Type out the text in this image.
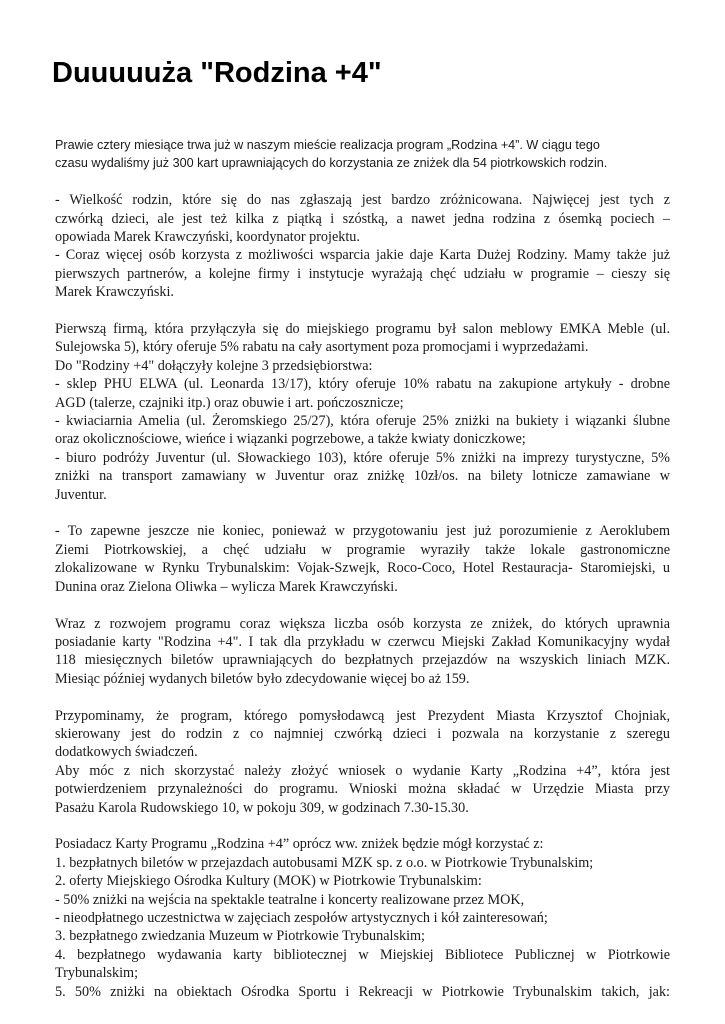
Duuuuuża "Rodzina +4"

Prawie cztery miesiące trwa już w naszym mieście realizacja program „Rodzina +4”. W ciągu tego
czasu wydaliśmy już 300 kart uprawniających do korzystania ze zniżek dla 54 piotrkowskich rodzin.

- Wielkość rodzin, które się do nas zgłaszają jest bardzo zróżnicowana. Najwięcej jest tych z
czwórką dzieci, ale jest też kilka z piątką i szóstką, a nawet jedna rodzina z ósemką pociech –
opowiada Marek Krawczyński, koordynator projektu.
- Coraz więcej osób korzysta z możliwości wsparcia jakie daje Karta Dużej Rodziny. Mamy także już
pierwszych partnerów, a kolejne firmy i instytucje wyrażają chęć udziału w programie – cieszy się
Marek Krawczyński.

Pierwszą firmą, która przyłączyła się do miejskiego programu był salon meblowy EMKA Meble (ul.
Sulejowska 5), który oferuje 5% rabatu na cały asortyment poza promocjami i wyprzedażami.
Do "Rodziny +4" dołączyły kolejne 3 przedsiębiorstwa:
- sklep PHU ELWA (ul. Leonarda 13/17), który oferuje 10% rabatu na zakupione artykuły - drobne
AGD (talerze, czajniki itp.) oraz obuwie i art. pończosznicze;
- kwiaciarnia Amelia (ul. Żeromskiego 25/27), która oferuje 25% zniżki na bukiety i wiązanki ślubne
oraz okolicznościowe, wieńce i wiązanki pogrzebowe, a także kwiaty doniczkowe;
- biuro podróży Juventur (ul. Słowackiego 103), które oferuje 5% zniżki na imprezy turystyczne, 5%
zniżki na transport zamawiany w Juventur oraz zniżkę 10zł/os. na bilety lotnicze zamawiane w
Juventur.

- To zapewne jeszcze nie koniec, ponieważ w przygotowaniu jest już porozumienie z Aeroklubem
Ziemi Piotrkowskiej, a chęć udziału w programie wyraziły także lokale gastronomiczne
zlokalizowane w Rynku Trybunalskim: Vojak-Szwejk, Roco-Coco, Hotel Restauracja- Staromiejski, u
Dunina oraz Zielona Oliwka – wylicza Marek Krawczyński.

Wraz z rozwojem programu coraz większa liczba osób korzysta ze zniżek, do których uprawnia
posiadanie karty "Rodzina +4". I tak dla przykładu w czerwcu Miejski Zakład Komunikacyjny wydał
118 miesięcznych biletów uprawniających do bezpłatnych przejazdów na wszyskich liniach MZK.
Miesiąc później wydanych biletów było zdecydowanie więcej bo aż 159.

Przypominamy, że program, którego pomysłodawcą jest Prezydent Miasta Krzysztof Chojniak,
skierowany jest do rodzin z co najmniej czwórką dzieci i pozwala na korzystanie z szeregu
dodatkowych świadczeń.
Aby móc z nich skorzystać należy złożyć wniosek o wydanie Karty „Rodzina +4”, która jest
potwierdzeniem przynależności do programu. Wnioski można składać w Urzędzie Miasta przy
Pasażu Karola Rudowskiego 10, w pokoju 309, w godzinach 7.30-15.30.

Posiadacz Karty Programu „Rodzina +4” oprócz ww. zniżek będzie mógł korzystać z:
1. bezpłatnych biletów w przejazdach autobusami MZK sp. z o.o. w Piotrkowie Trybunalskim;
2. oferty Miejskiego Ośrodka Kultury (MOK) w Piotrkowie Trybunalskim:
- 50% zniżki na wejścia na spektakle teatralne i koncerty realizowane przez MOK,
- nieodpłatnego uczestnictwa w zajęciach zespołów artystycznych i kół zainteresowań;
3. bezpłatnego zwiedzania Muzeum w Piotrkowie Trybunalskim;
4. bezpłatnego wydawania karty bibliotecznej w Miejskiej Bibliotece Publicznej w Piotrkowie
Trybunalskim;
5. 50% zniżki na obiektach Ośrodka Sportu i Rekreacji w Piotrkowie Trybunalskim takich, jak:
